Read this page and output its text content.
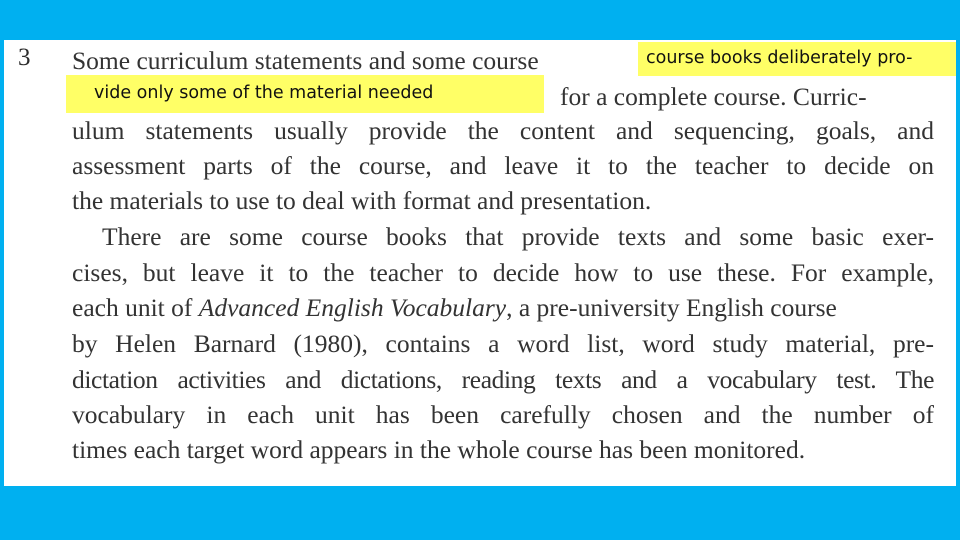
3 Some curriculum statements and some course
for a complete course. Curric-
ulum statements usually provide the content and sequencing, goals, and
assessment parts of the course, and leave it to the teacher to decide on
the materials to use to deal with format and presentation.
There are some course books that provide texts and some basic exer-
cises, but leave it to the teacher to decide how to use these. For example,
each unit of Advanced English Vocabulary, a pre-university English course
by Helen Barnard (1980), contains a word list, word study material, pre-
dictation activities and dictations, reading texts and a vocabulary test. The
vocabulary in each unit has been carefully chosen and the number of
times each target word appears in the whole course has been monitored.
course books deliberately pro-
vide only some of the material needed
